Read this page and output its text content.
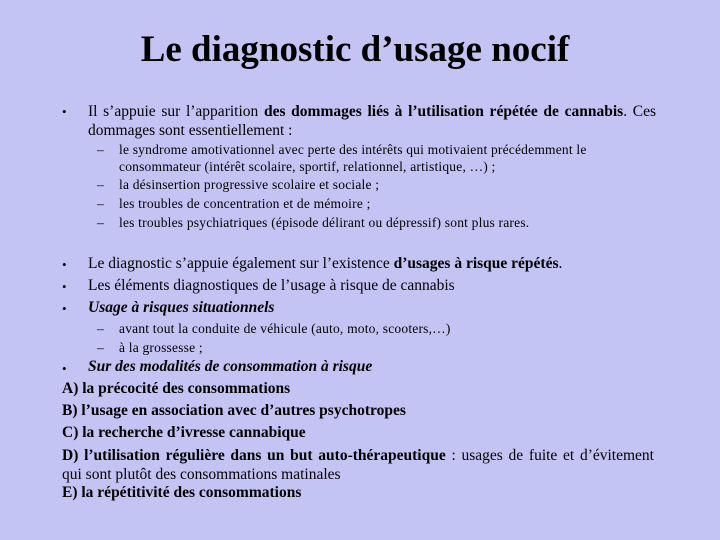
Le diagnostic d’usage nocif
• Il s’appuie sur l’apparition des dommages liés à l’utilisation répétée de cannabis. Ces dommages sont essentiellement :
– le syndrome amotivationnel avec perte des intérêts qui motivaient précédemment le consommateur (intérêt scolaire, sportif, relationnel, artistique, …) ;
– la désinsertion progressive scolaire et sociale ;
– les troubles de concentration et de mémoire ;
– les troubles psychiatriques (épisode délirant ou dépressif) sont plus rares.
• Le diagnostic s’appuie également sur l’existence d’usages à risque répétés.
• Les éléments diagnostiques de l’usage à risque de cannabis
• Usage à risques situationnels
– avant tout la conduite de véhicule (auto, moto, scooters,…)
– à la grossesse ;
• Sur des modalités de consommation à risque
A) la précocité des consommations
B) l’usage en association avec d’autres psychotropes
C) la recherche d’ivresse cannabique
D) l’utilisation régulière dans un but auto-thérapeutique : usages de fuite et d’évitement qui sont plutôt des consommations matinales
E) la répétitivité des consommations
